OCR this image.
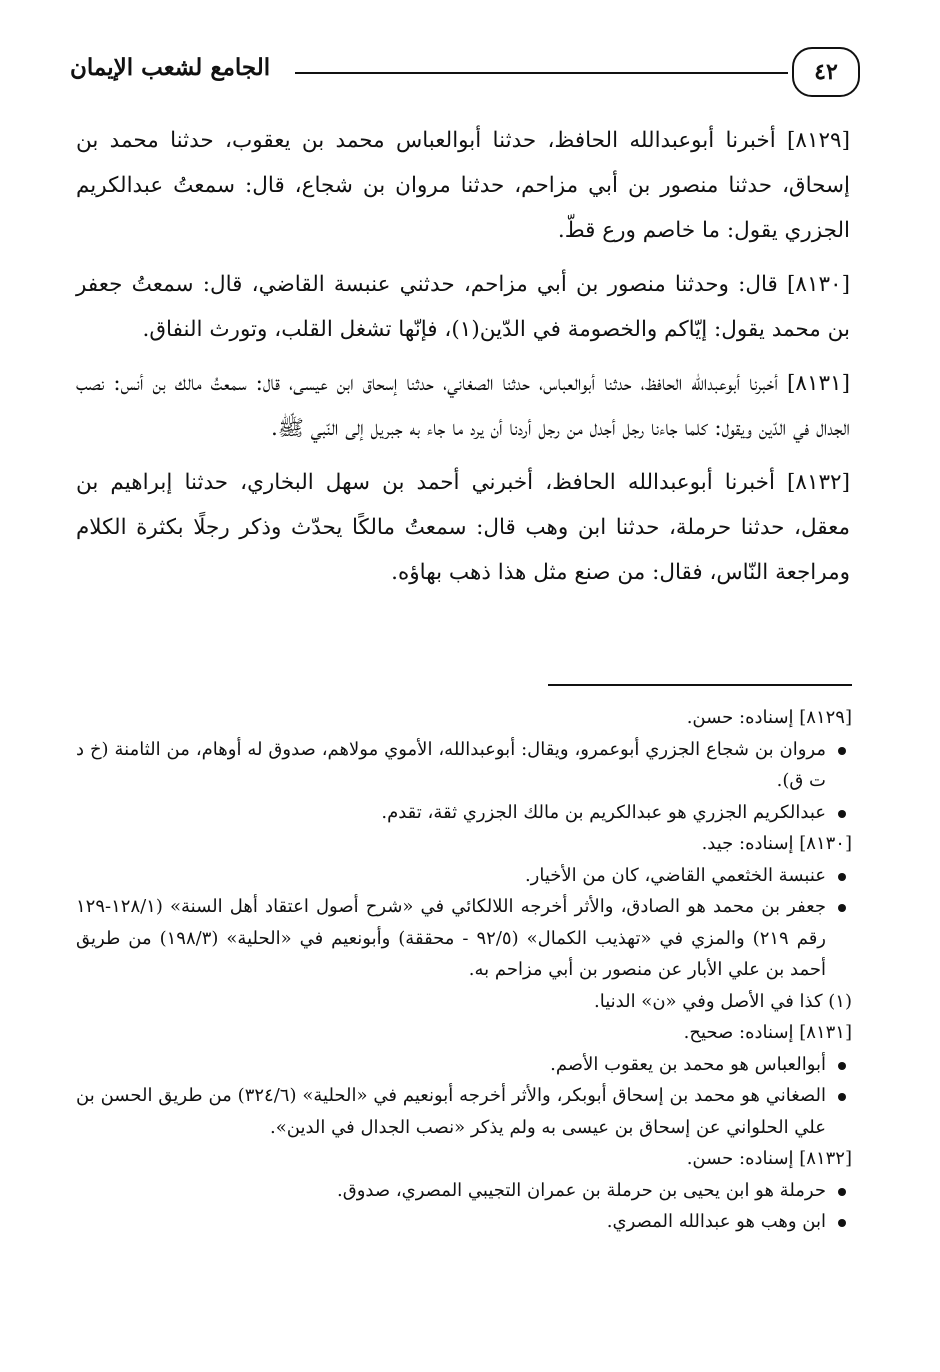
الجامع لشعب الإيمان	٤٢

[٨١٢٩] أخبرنا أبوعبدالله الحافظ، حدثنا أبوالعباس محمد بن يعقوب، حدثنا محمد بن إسحاق، حدثنا منصور بن أبي مزاحم، حدثنا مروان بن شجاع، قال: سمعتُ عبدالكريم الجزري يقول: ما خاصم ورع قطّ.

[٨١٣٠] قال: وحدثنا منصور بن أبي مزاحم، حدثني عنبسة القاضي، قال: سمعتُ جعفر بن محمد يقول: إيّاكم والخصومة في الدّين(١)، فإنّها تشغل القلب، وتورث النفاق.

[٨١٣١] أخبرنا أبوعبدالله الحافظ، حدثنا أبوالعباس، حدثنا الصغاني، حدثنا إسحاق ابن عيسى، قال: سمعتُ مالك بن أنس: نصب الجدال في الدّين ويقول: كلما جاءنا رجل أجدل من رجل أردنا أن يرد ما جاء به جبريل إلى النّبي ﷺ.

[٨١٣٢] أخبرنا أبوعبدالله الحافظ، أخبرني أحمد بن سهل البخاري، حدثنا إبراهيم بن معقل، حدثنا حرملة، حدثنا ابن وهب قال: سمعتُ مالكًا يحدّث وذكر رجلًا بكثرة الكلام ومراجعة النّاس، فقال: من صنع مثل هذا ذهب بهاؤه.

[٨١٢٩] إسناده: حسن.

مروان بن شجاع الجزري أبوعمرو، ويقال: أبوعبدالله، الأموي مولاهم، صدوق له أوهام، من الثامنة (خ د ت ق).
عبدالكريم الجزري هو عبدالكريم بن مالك الجزري ثقة، تقدم.

[٨١٣٠] إسناده: جيد.

عنبسة الخثعمي القاضي، كان من الأخيار.
جعفر بن محمد هو الصادق، والأثر أخرجه اللالكائي في «شرح أصول اعتقاد أهل السنة» (١٢٨/١-١٢٩ رقم ٢١٩) والمزي في «تهذيب الكمال» (٩٢/٥ - محققة) وأبونعيم في «الحلية» (١٩٨/٣) من طريق أحمد بن علي الأبار عن منصور بن أبي مزاحم به.

(١) كذا في الأصل وفي «ن» الدنيا.

[٨١٣١] إسناده: صحيح.

أبوالعباس هو محمد بن يعقوب الأصم.
الصغاني هو محمد بن إسحاق أبوبكر، والأثر أخرجه أبونعيم في «الحلية» (٣٢٤/٦) من طريق الحسن بن علي الحلواني عن إسحاق بن عيسى به ولم يذكر «نصب الجدال في الدين».

[٨١٣٢] إسناده: حسن.

حرملة هو ابن يحيى بن حرملة بن عمران التجيبي المصري، صدوق.
ابن وهب هو عبدالله المصري.
